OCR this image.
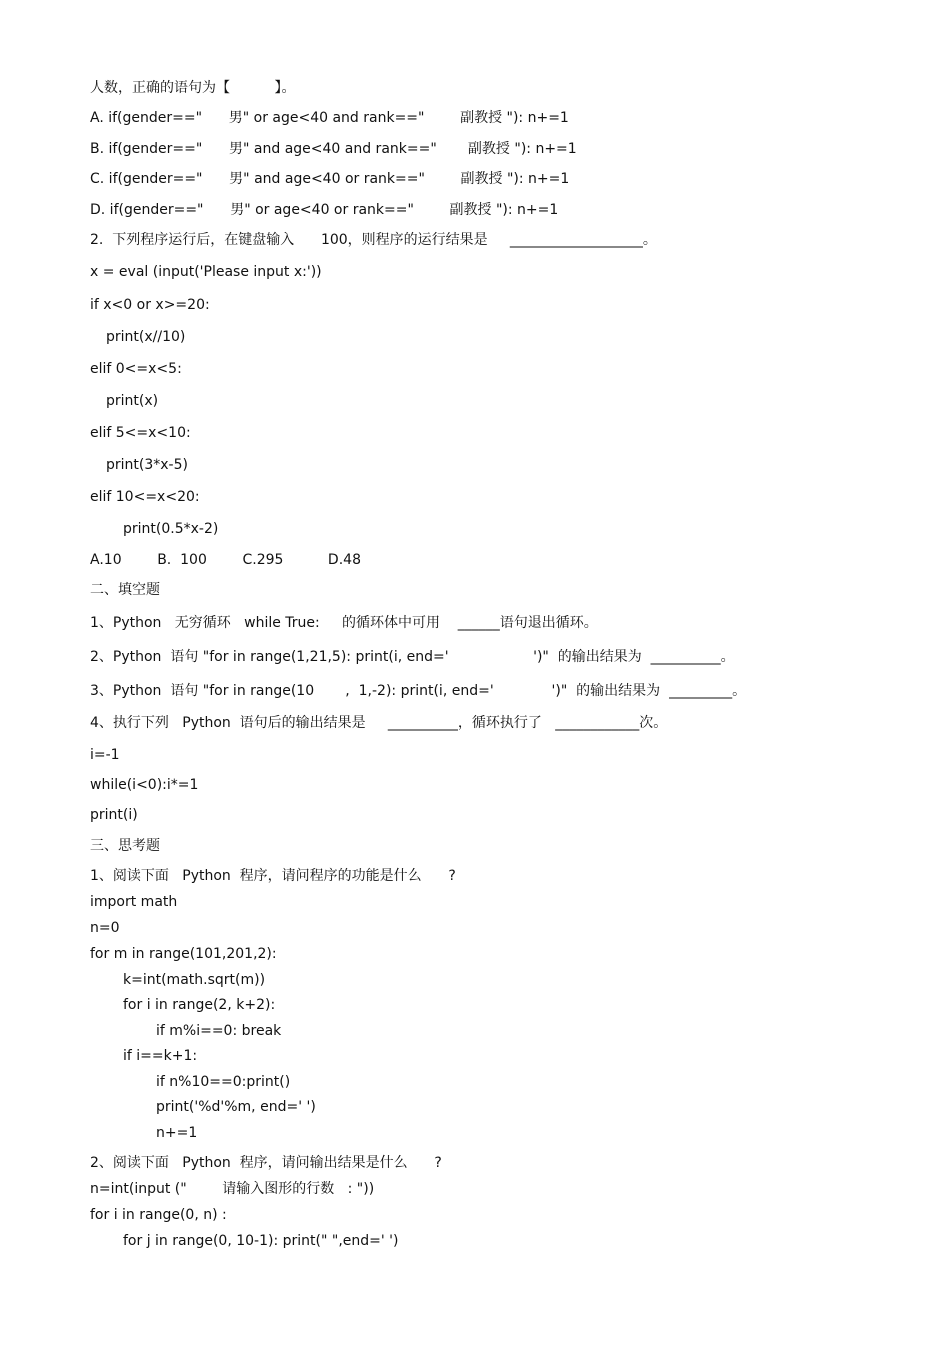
人数，正确的语句为【          】。
A. if(gender=="      男" or age<40 and rank=="        副教授 "): n+=1
B. if(gender=="      男" and age<40 and rank=="       副教授 "): n+=1
C. if(gender=="      男" and age<40 or rank=="        副教授 "): n+=1
D. if(gender=="      男" or age<40 or rank=="        副教授 "): n+=1
2.  下列程序运行后，在键盘输入      100，则程序的运行结果是     ___________________。
x = eval (input('Please input x:'))
if x<0 or x>=20:
print(x//10)
elif 0<=x<5:
print(x)
elif 5<=x<10:
print(3*x-5)
elif 10<=x<20:
print(0.5*x-2)
A.10        B.  100        C.295          D.48
二、填空题
1、Python   无穷循环   while True:     的循环体中可用    ______语句退出循环。
2、Python  语句 "for in range(1,21,5): print(i, end='                   ')"  的输出结果为  __________。
3、Python  语句 "for in range(10       ,  1,-2): print(i, end='             ')"  的输出结果为  _________。
4、执行下列   Python  语句后的输出结果是     __________，循环执行了   ____________次。
i=-1
while(i<0):i*=1
print(i)
三、思考题
1、阅读下面   Python  程序，请问程序的功能是什么      ?
import math
n=0
for m in range(101,201,2):
k=int(math.sqrt(m))
for i in range(2, k+2):
if m%i==0: break
if i==k+1:
if n%10==0:print()
print('%d'%m, end=' ')
n+=1
2、阅读下面   Python  程序，请问输出结果是什么      ?
n=int(input ("        请输入图形的行数   : "))
for i in range(0, n) :
for j in range(0, 10-1): print(" ",end=' ')
